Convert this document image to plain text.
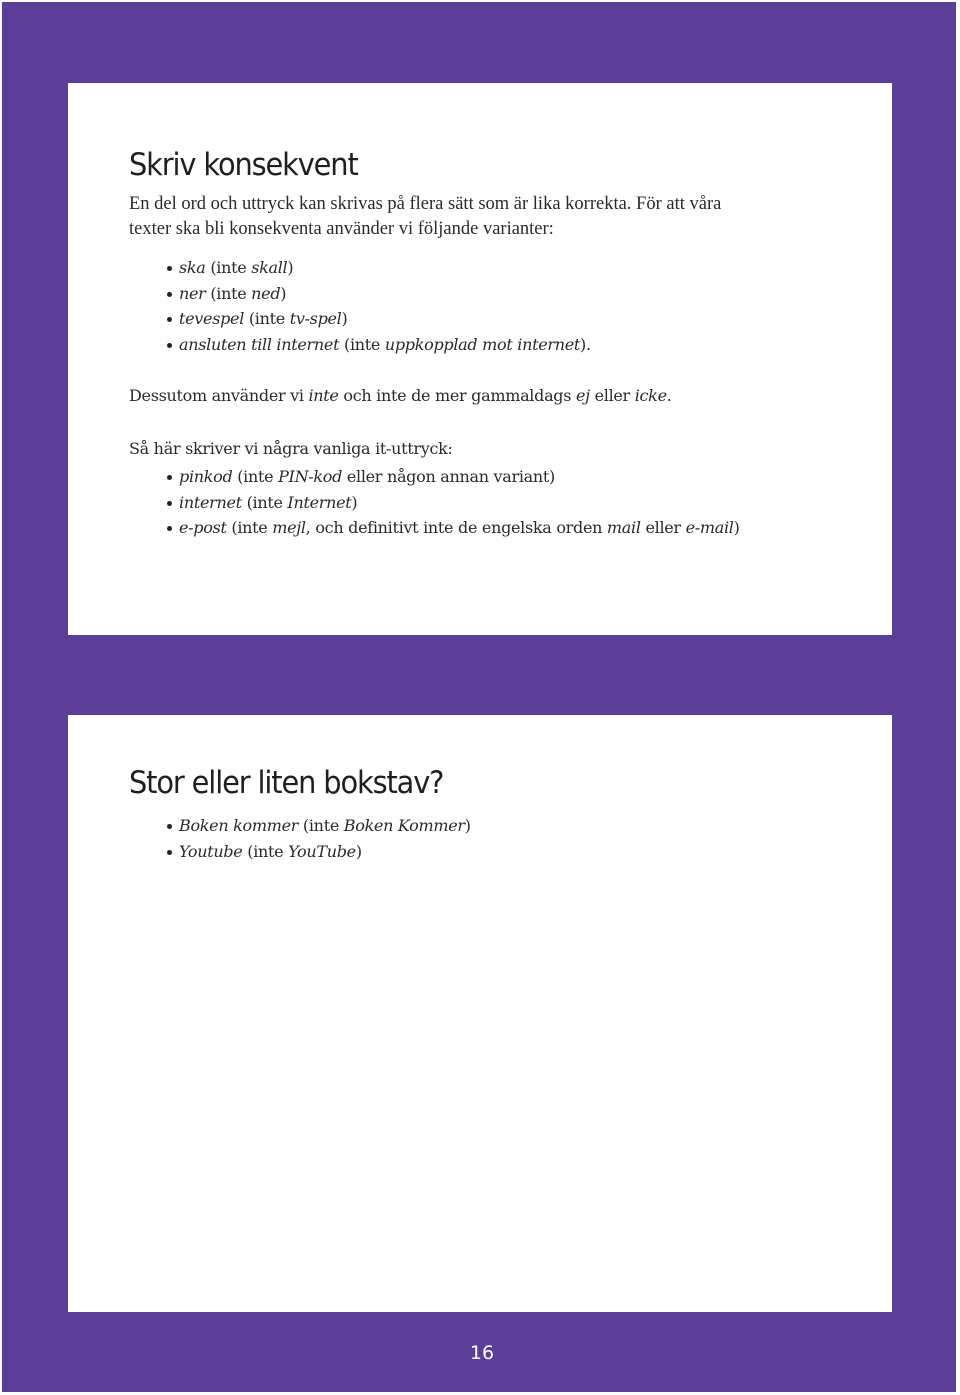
Skriv konsekvent

En del ord och uttryck kan skrivas på flera sätt som är lika korrekta. För att våra

texter ska bli konsekventa använder vi följande varianter:

ska (inte skall)
ner (inte ned)
tevespel (inte tv-spel)
ansluten till internet (inte uppkopplad mot internet).

Dessutom använder vi inte och inte de mer gammaldags ej eller icke.

Så här skriver vi några vanliga it-uttryck:

pinkod (inte PIN-kod eller någon annan variant)
internet (inte Internet)
e-post (inte mejl, och definitivt inte de engelska orden mail eller e-mail)
Stor eller liten bokstav?
Boken kommer (inte Boken Kommer)
Youtube (inte YouTube)
16
